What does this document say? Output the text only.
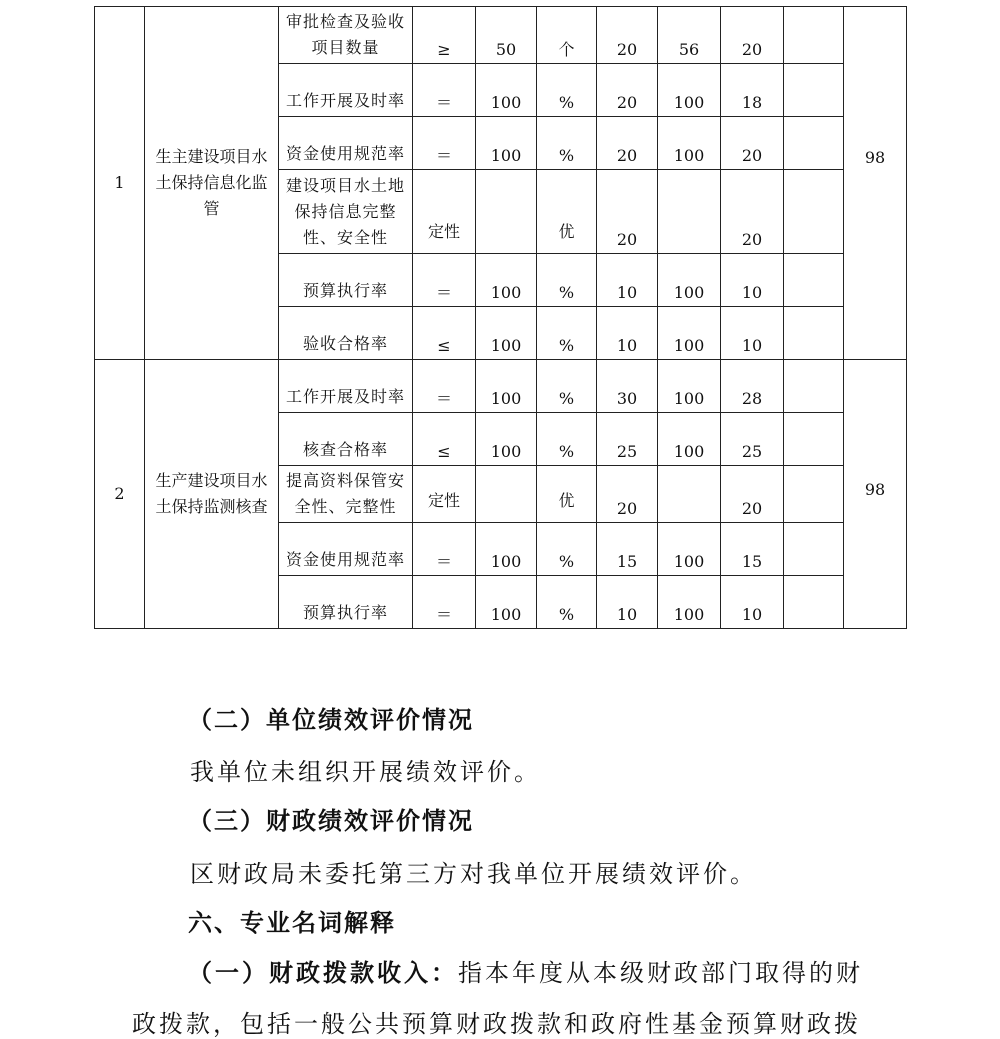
1	生主建设项目水土保持信息化监管	审批检查及验收项目数量	≥	50	个	20	56	20		98
		工作开展及时率	＝	100	%	20	100	18		
		资金使用规范率	＝	100	%	20	100	20		
		建设项目水土地保持信息完整性、安全性	定性		优	20		20		
		预算执行率	＝	100	%	10	100	10		
		验收合格率	≤	100	%	10	100	10		
2	生产建设项目水土保持监测核查	工作开展及时率	＝	100	%	30	100	28		98
		核查合格率	≤	100	%	25	100	25		
		提高资料保管安全性、完整性	定性		优	20		20		
		资金使用规范率	＝	100	%	15	100	15		
		预算执行率	＝	100	%	10	100	10		
（二）单位绩效评价情况
我单位未组织开展绩效评价。
（三）财政绩效评价情况
区财政局未委托第三方对我单位开展绩效评价。
六、专业名词解释
（一）财政拨款收入：指本年度从本级财政部门取得的财
政拨款，包括一般公共预算财政拨款和政府性基金预算财政拨
